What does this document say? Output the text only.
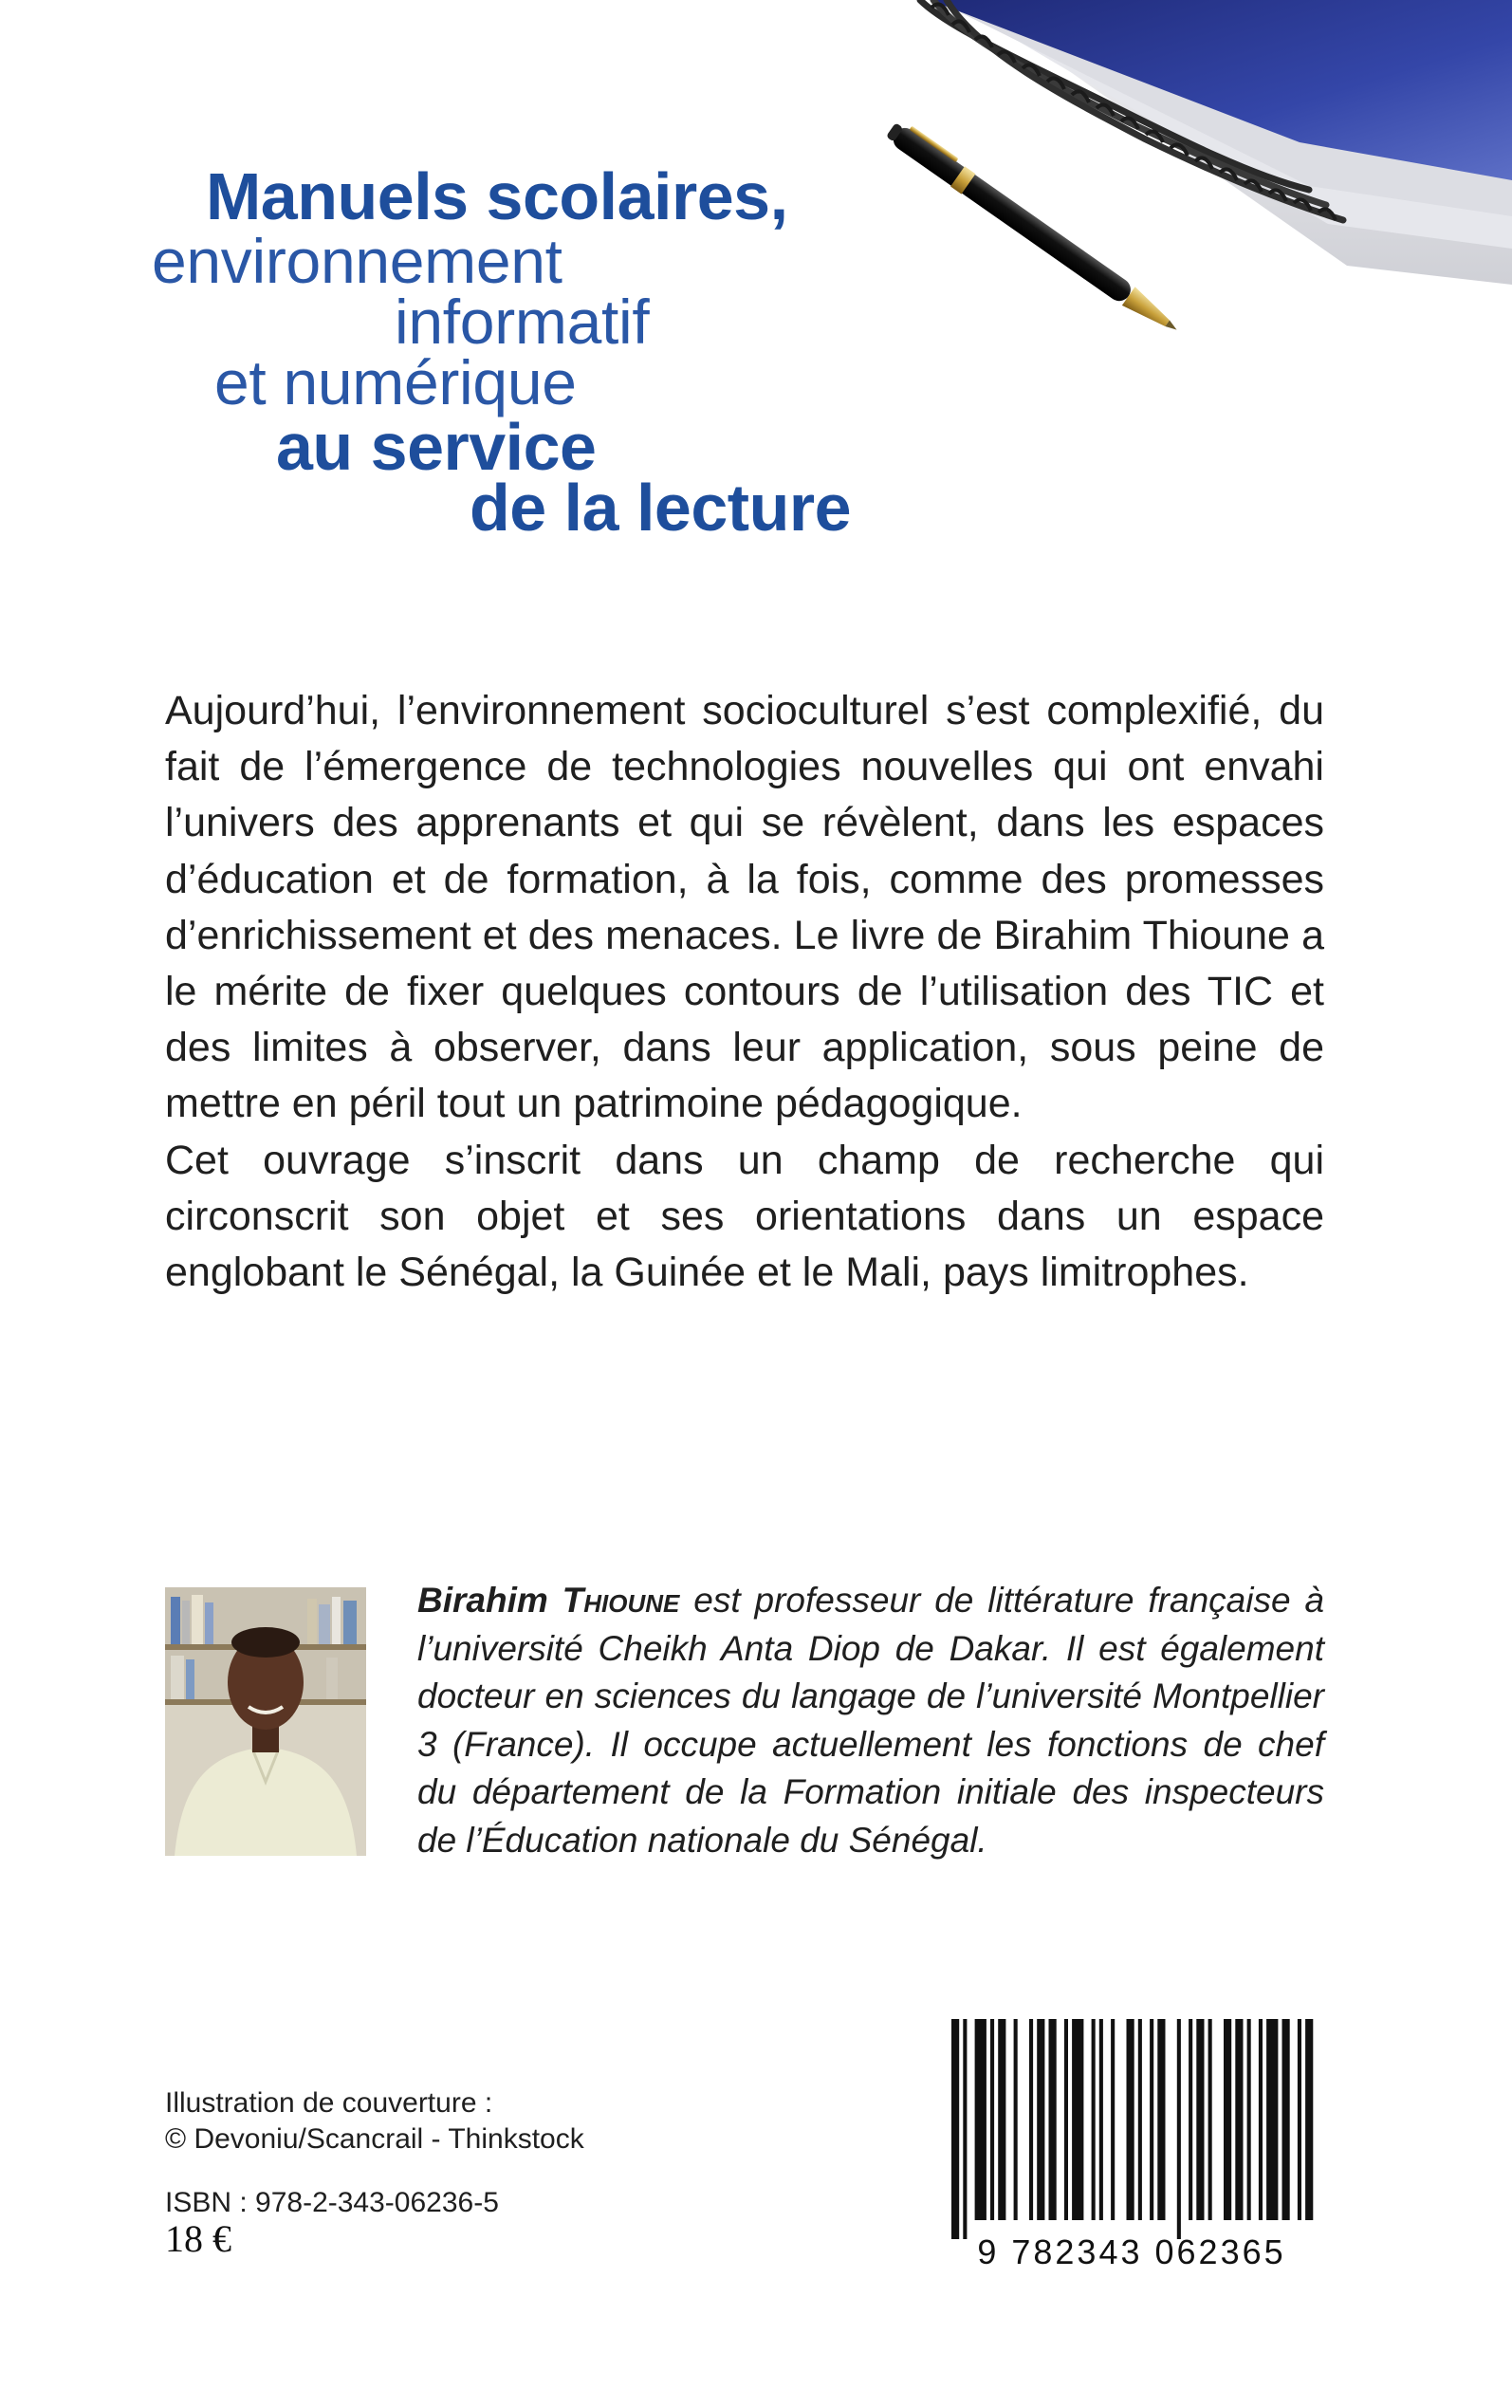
Manuels scolaires,
environnement
informatif
et numérique
au service
de la lecture

Aujourd’hui, l’environnement socioculturel s’est complexifié, du fait de l’émergence de technologies nouvelles qui ont envahi l’univers des apprenants et qui se révèlent, dans les espaces d’éducation et de formation, à la fois, comme des promesses d’enrichissement et des menaces. Le livre de Birahim Thioune a le mérite de fixer quelques contours de l’utilisation des TIC et des limites à observer, dans leur application, sous peine de mettre en péril tout un patrimoine pédagogique.

Cet ouvrage s’inscrit dans un champ de recherche qui circonscrit son objet et ses orientations dans un espace englobant le Sénégal, la Guinée et le Mali, pays limitrophes.

Birahim Thioune est professeur de littérature française à l’université Cheikh Anta Diop de Dakar. Il est également docteur en sciences du langage de l’université Montpellier 3 (France). Il occupe actuellement les fonctions de chef du département de la Formation initiale des inspecteurs de l’Éducation nationale du Sénégal.

Illustration de couverture :

© Devoniu/Scancrail - Thinkstock

ISBN : 978-2-343-06236-5

18 €	9 782343 062365
